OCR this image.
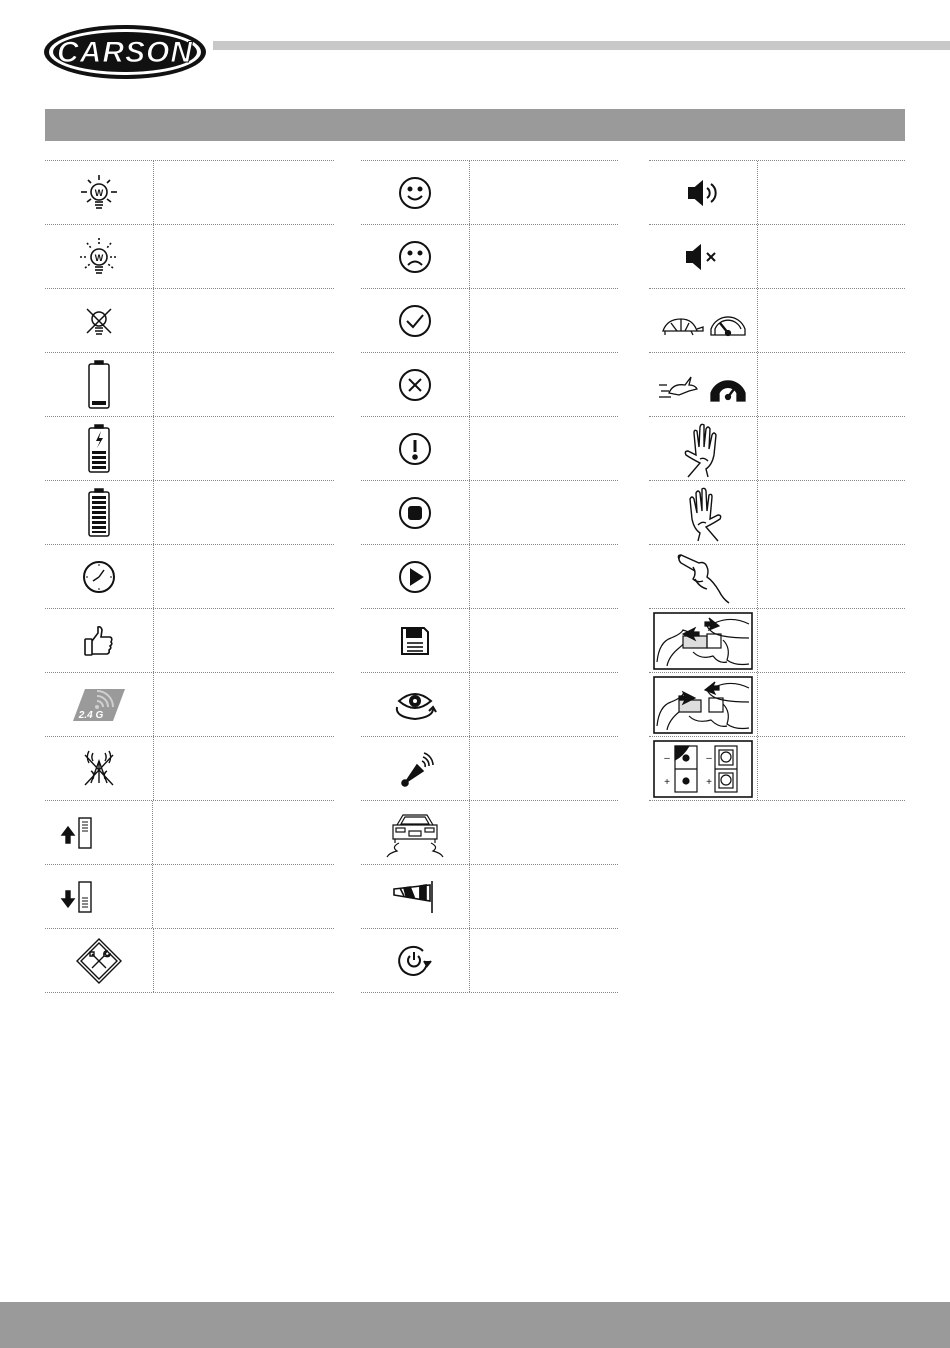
CARSON
W
W
2.4 G
–
+
–
+
